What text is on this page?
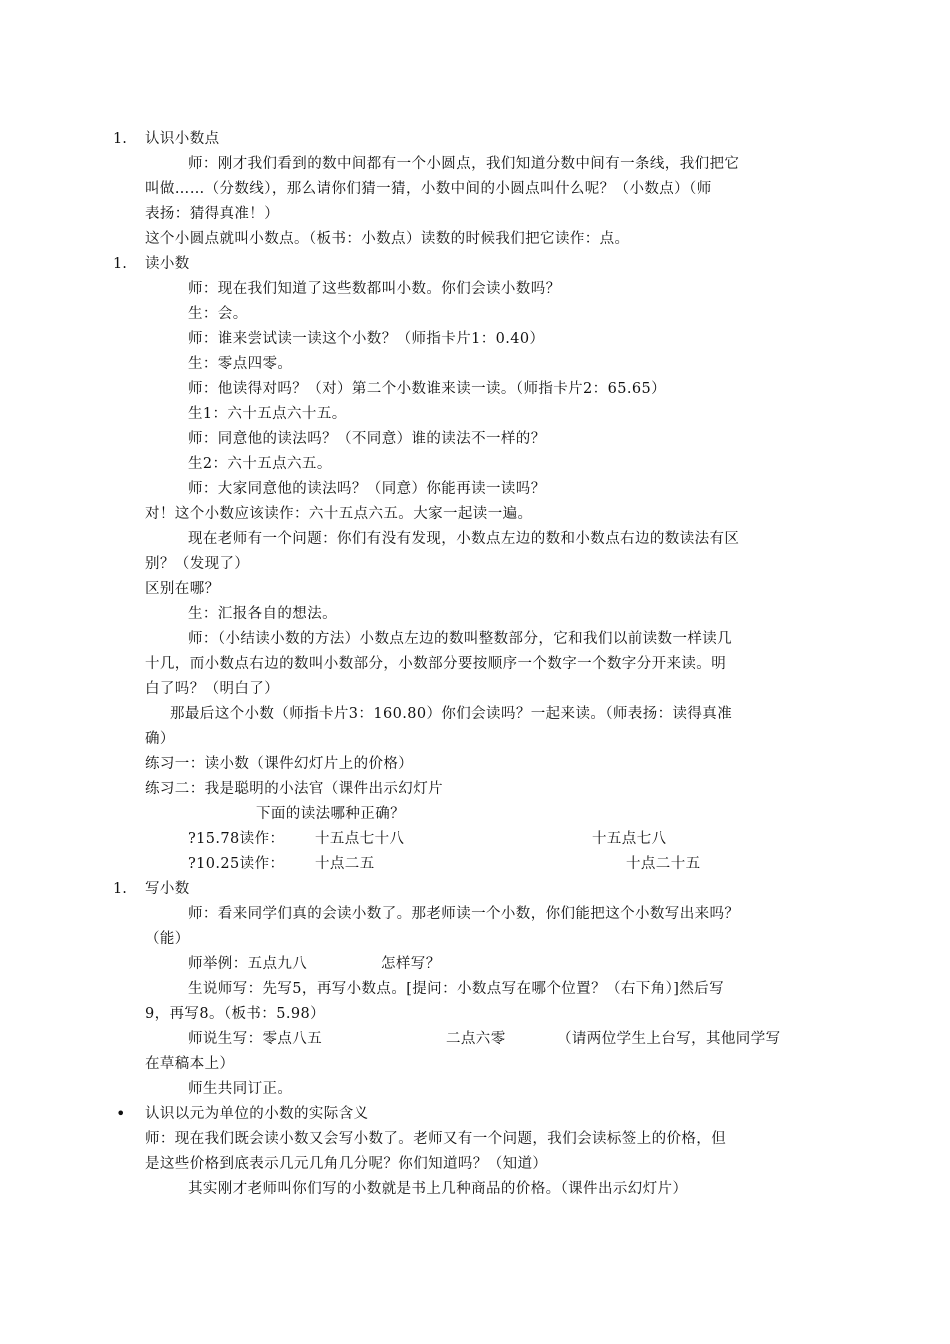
1. 认识小数点
师：刚才我们看到的数中间都有一个小圆点，我们知道分数中间有一条线，我们把它
叫做……（分数线），那么请你们猜一猜，小数中间的小圆点叫什么呢？（小数点）（师
表扬：猜得真准！）
这个小圆点就叫小数点。（板书：小数点）读数的时候我们把它读作：点。
1. 读小数
师：现在我们知道了这些数都叫小数。你们会读小数吗？
生：会。
师：谁来尝试读一读这个小数？（师指卡片1：0.40）
生：零点四零。
师：他读得对吗？（对）第二个小数谁来读一读。（师指卡片2：65.65）
生1：六十五点六十五。
师：同意他的读法吗？（不同意）谁的读法不一样的？
生2：六十五点六五。
师：大家同意他的读法吗？（同意）你能再读一读吗？
对！这个小数应该读作：六十五点六五。大家一起读一遍。
现在老师有一个问题：你们有没有发现，小数点左边的数和小数点右边的数读法有区
别？（发现了）
区别在哪？
生：汇报各自的想法。
师：（小结读小数的方法）小数点左边的数叫整数部分，它和我们以前读数一样读几
十几，而小数点右边的数叫小数部分，小数部分要按顺序一个数字一个数字分开来读。明
白了吗？（明白了）
那最后这个小数（师指卡片3：160.80）你们会读吗？一起来读。（师表扬：读得真准
确）
练习一：读小数（课件幻灯片上的价格）
练习二：我是聪明的小法官（课件出示幻灯片
下面的读法哪种正确？
?15.78读作： 十五点七十八	十五点七八
?10.25读作： 十点二五	十点二十五
1. 写小数
师：看来同学们真的会读小数了。那老师读一个小数，你们能把这个小数写出来吗？
（能）
师举例：五点九八	怎样写？
生说师写：先写5，再写小数点。[提问：小数点写在哪个位置？（右下角）]然后写
9，再写8。（板书：5.98）
师说生写：零点八五	二点六零	（请两位学生上台写，其他同学写
在草稿本上）
师生共同订正。
• 认识以元为单位的小数的实际含义
师：现在我们既会读小数又会写小数了。老师又有一个问题，我们会读标签上的价格，但
是这些价格到底表示几元几角几分呢？你们知道吗？（知道）
其实刚才老师叫你们写的小数就是书上几种商品的价格。（课件出示幻灯片）
